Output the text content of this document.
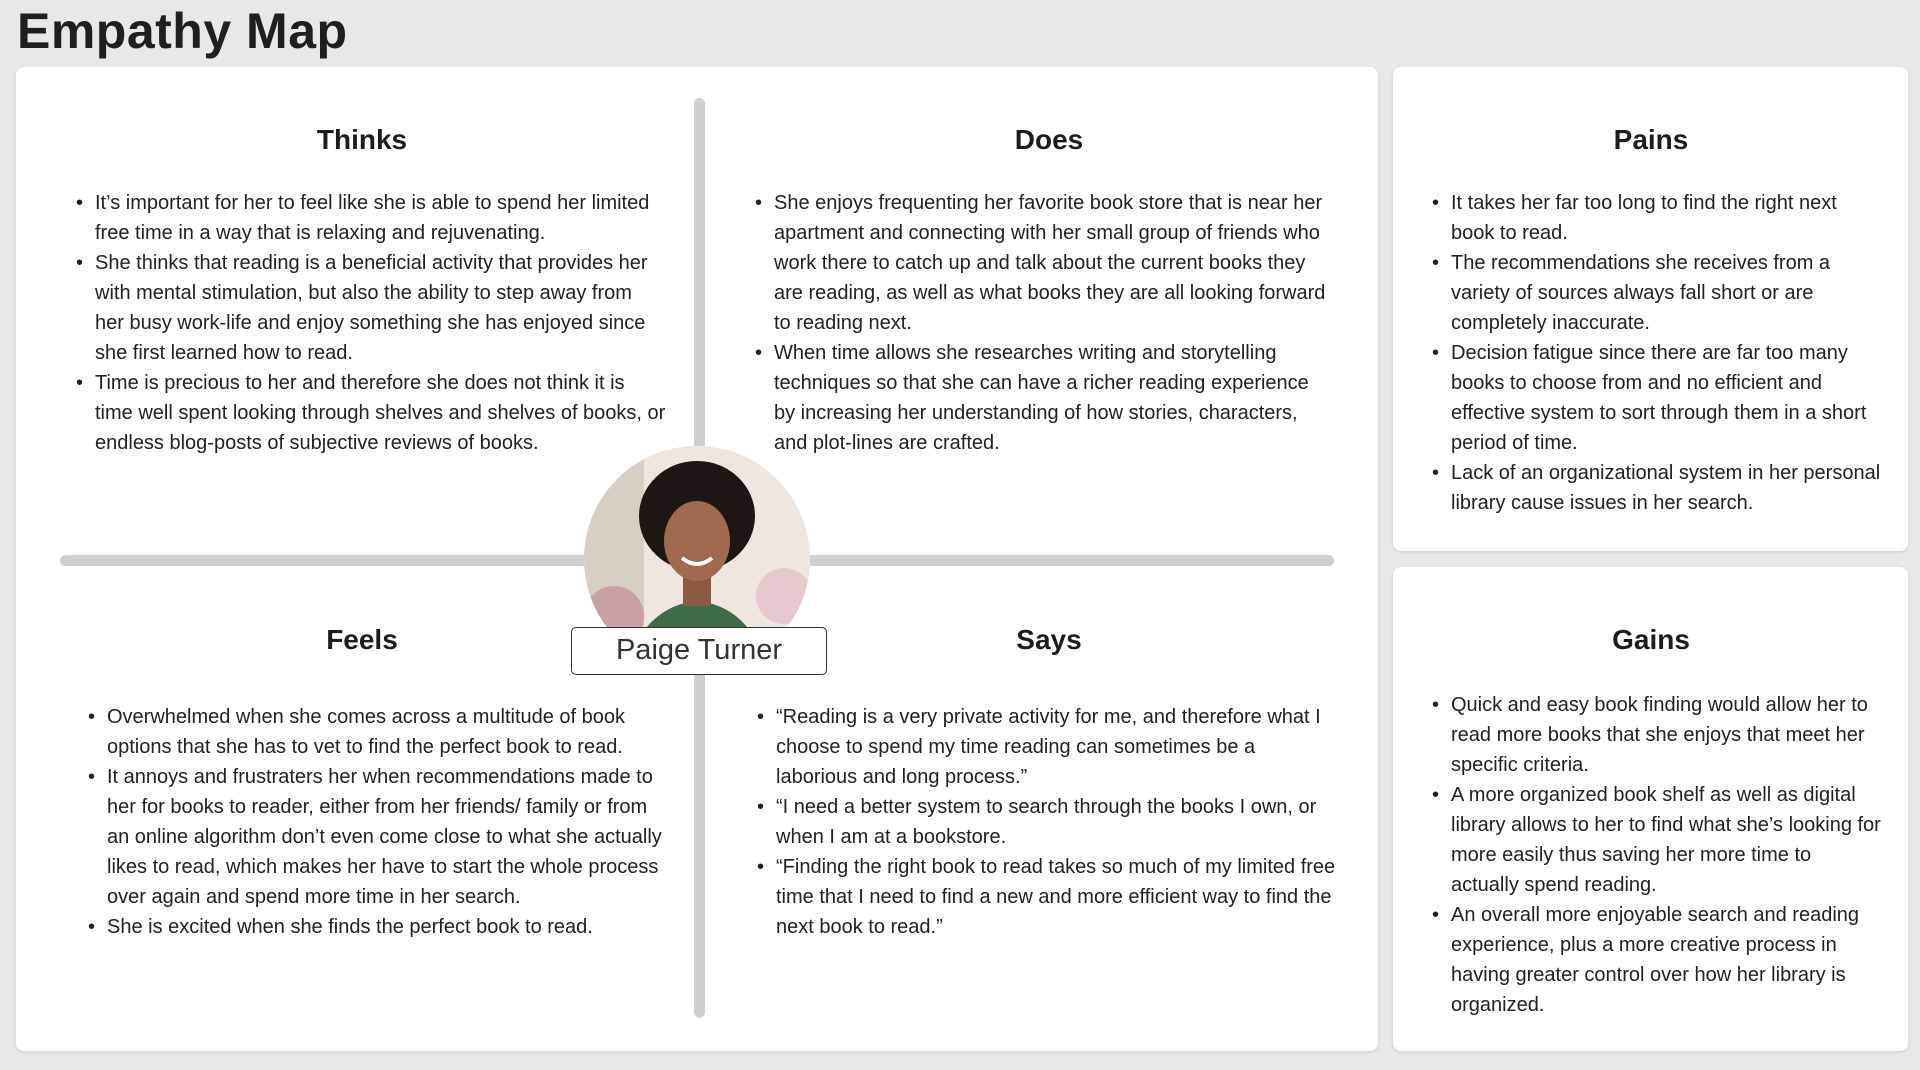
Empathy Map
Thinks
• It’s important for her to feel like she is able to spend her limited free time in a way that is relaxing and rejuvenating.
• She thinks that reading is a beneficial activity that provides her with mental stimulation, but also the ability to step away from her busy work-life and enjoy something she has enjoyed since she first learned how to read.
• Time is precious to her and therefore she does not think it is time well spent looking through shelves and shelves of books, or endless blog-posts of subjective reviews of books.
Does
• She enjoys frequenting her favorite book store that is near her apartment and connecting with her small group of friends who work there to catch up and talk about the current books they are reading, as well as what books they are all looking forward to reading next.
• When time allows she researches writing and storytelling techniques so that she can have a richer reading experience by increasing her understanding of how stories, characters, and plot-lines are crafted.
Feels
• Overwhelmed when she comes across a multitude of book options that she has to vet to find the perfect book to read.
• It annoys and frustraters her when recommendations made to her for books to reader, either from her friends/ family or from an online algorithm don’t even come close to what she actually likes to read, which makes her have to start the whole process over again and spend more time in her search.
• She is excited when she finds the perfect book to read.
Says
• “Reading is a very private activity for me, and therefore what I choose to spend my time reading can sometimes be a laborious and long process.”
• “I need a better system to search through the books I own, or when I am at a bookstore.
• “Finding the right book to read takes so much of my limited free time that I need to find a new and more efficient way to find the next book to read.”
Pains
• It takes her far too long to find the right next book to read.
• The recommendations she receives from a variety of sources always fall short or are completely inaccurate.
• Decision fatigue since there are far too many books to choose from and no efficient and effective system to sort through them in a short period of time.
• Lack of an organizational system in her personal library cause issues in her search.
Gains
• Quick and easy book finding would allow her to read more books that she enjoys that meet her specific criteria.
• A more organized book shelf as well as digital library allows to her to find what she’s looking for more easily thus saving her more time to actually spend reading.
• An overall more enjoyable search and reading experience, plus a more creative process in having greater control over how her library is organized.
Paige Turner
